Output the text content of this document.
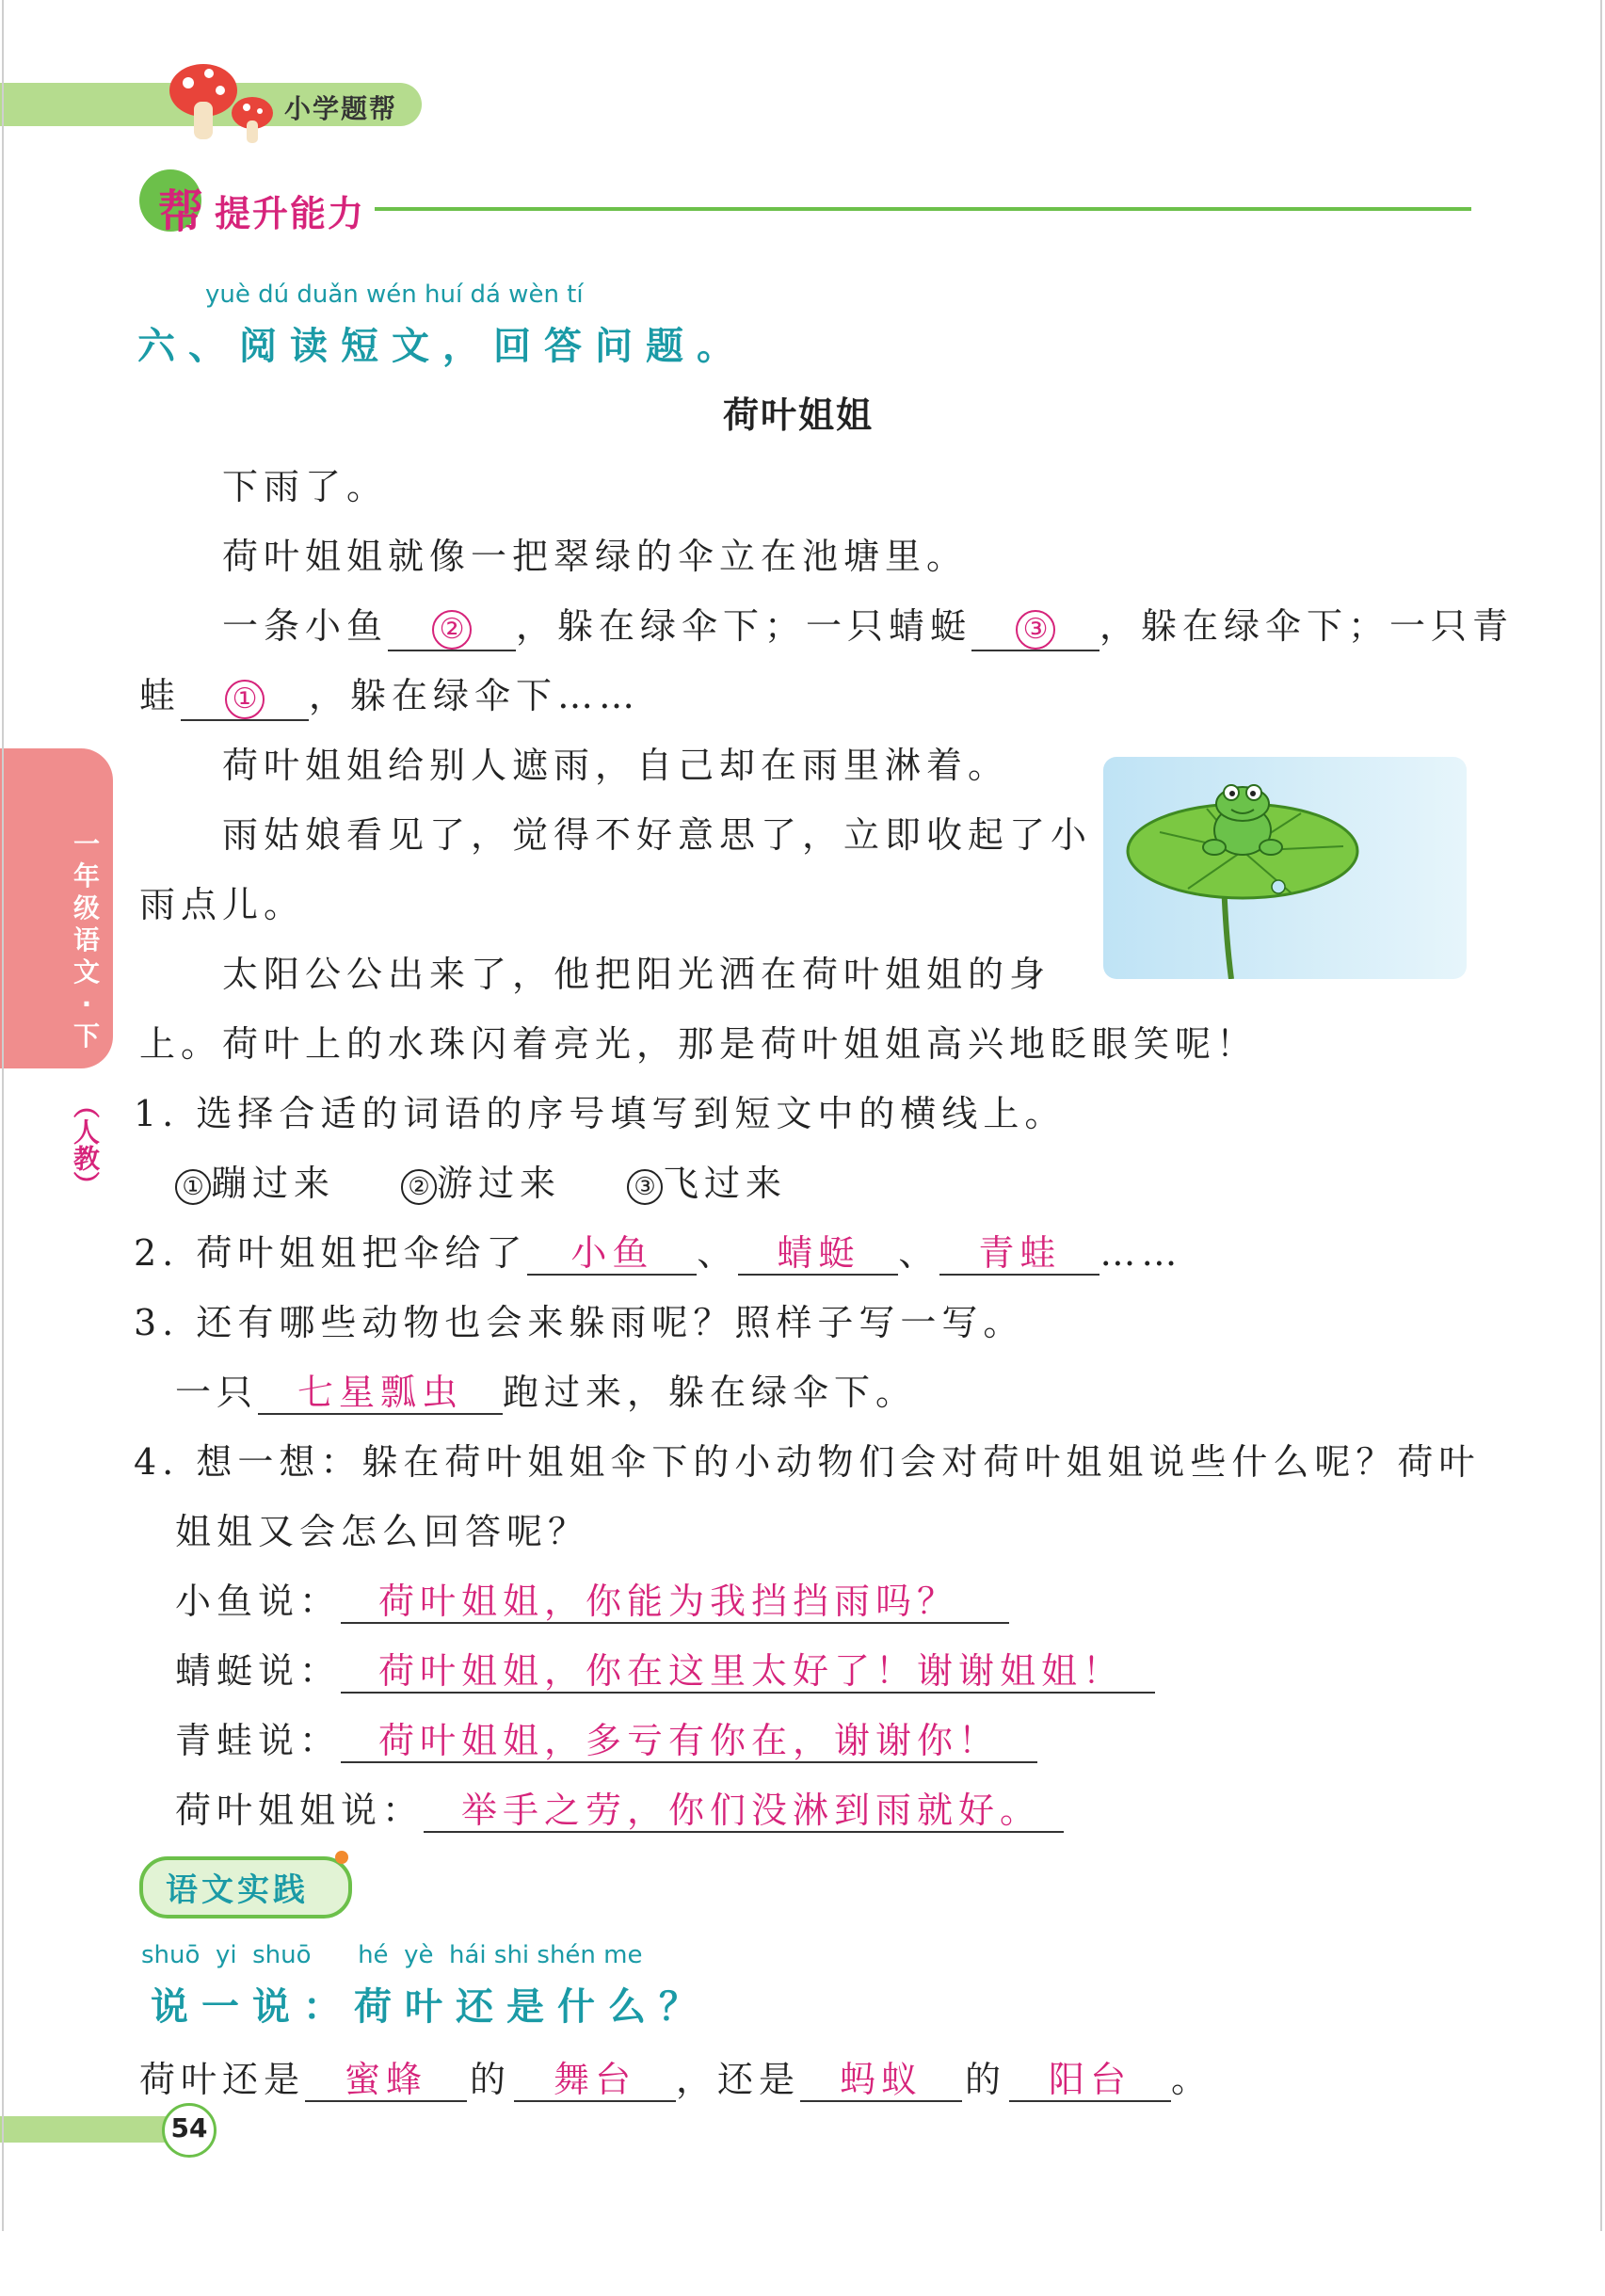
小学题帮
帮 提升能力
一
年
级
语
文
·
下
（人教）
yuè dú duǎn wén huí dá wèn tí
六、阅读短文，回答问题。
荷叶姐姐
下雨了。
荷叶姐姐就像一把翠绿的伞立在池塘里。
一条小鱼 ② ，躲在绿伞下；一只蜻蜓 ③ ，躲在绿伞下；一只青
蛙 ① ，躲在绿伞下……
荷叶姐姐给别人遮雨，自己却在雨里淋着。
雨姑娘看见了，觉得不好意思了，立即收起了小
雨点儿。
太阳公公出来了，他把阳光洒在荷叶姐姐的身
上。荷叶上的水珠闪着亮光，那是荷叶姐姐高兴地眨眼笑呢！
1. 选择合适的词语的序号填写到短文中的横线上。
① 蹦过来	② 游过来	③ 飞过来
2. 荷叶姐姐把伞给了 小鱼 、 蜻蜓 、 青蛙 ……
3. 还有哪些动物也会来躲雨呢？照样子写一写。
一只 七星瓢虫 跑过来，躲在绿伞下。
4. 想一想：躲在荷叶姐姐伞下的小动物们会对荷叶姐姐说些什么呢？荷叶
姐姐又会怎么回答呢？
小鱼说： 荷叶姐姐，你能为我挡挡雨吗？
蜻蜓说： 荷叶姐姐，你在这里太好了！谢谢姐姐！
青蛙说： 荷叶姐姐，多亏有你在，谢谢你！
荷叶姐姐说： 举手之劳，你们没淋到雨就好。
语文实践
shuō  yi  shuō      hé  yè  hái shi shén me
说一说：荷叶还是什么？
荷叶还是 蜜蜂 的 舞台 ，还是 蚂蚁 的 阳台 。
54
